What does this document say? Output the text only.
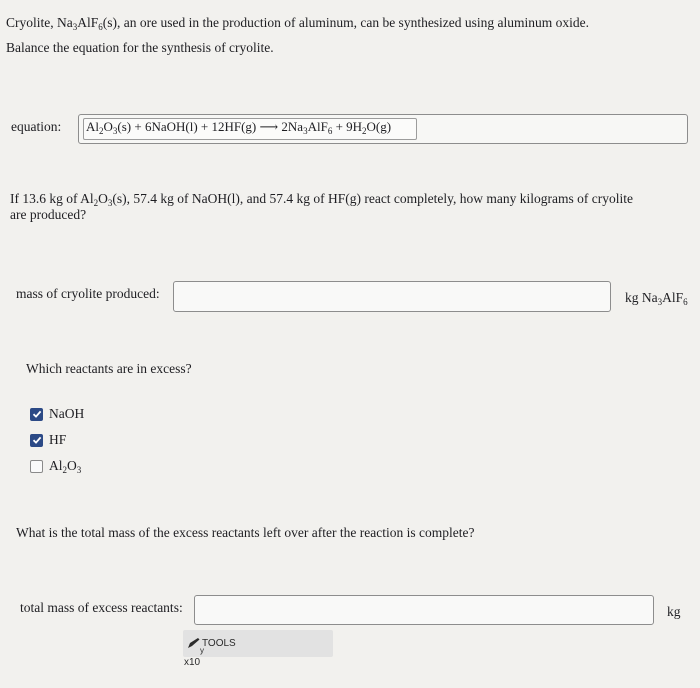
Cryolite, $Na_3AlF_6(s)$, an ore used in the production of aluminum, can be synthesized using aluminum oxide.
Balance the equation for the synthesis of cryolite.
equation: $Al_2O_3(s)$ + 6NaOH(l) + 12HF(g) ⟶ $2Na_3AlF_6 + 9H_2O(g)$
If 13.6 kg of $Al_2O_3(s)$, 57.4 kg of NaOH(l), and 57.4 kg of HF(g) react completely, how many kilograms of cryolite
are produced?
mass of cryolite produced:	kg $Na_3AlF_6$
Which reactants are in excess?
NaOH
HF
$Al_2O_3$
What is the total mass of the excess reactants left over after the reaction is complete?
total mass of excess reactants:	kg
TOOLS
y
x10
